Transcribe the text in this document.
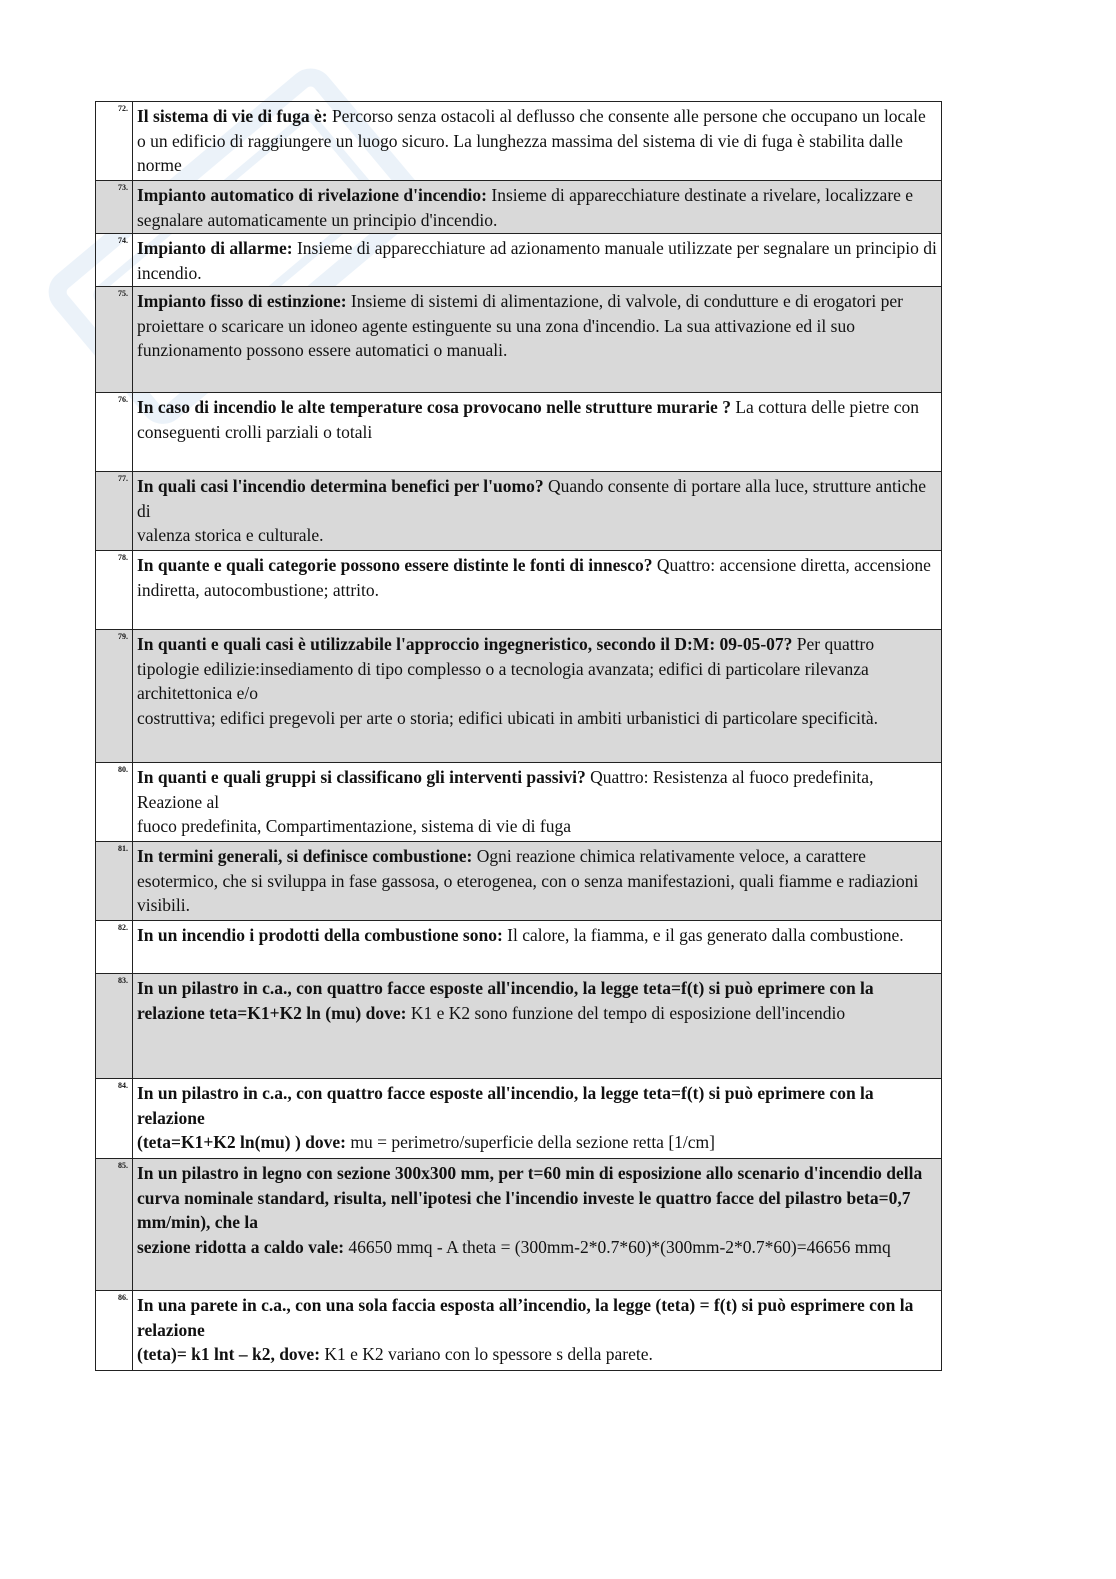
72.	Il sistema di vie di fuga è: Percorso senza ostacoli al deflusso che consente alle persone che occupano un locale o un edificio di raggiungere un luogo sicuro. La lunghezza massima del sistema di vie di fuga è stabilita dalle norme
73.	Impianto automatico di rivelazione d'incendio: Insieme di apparecchiature destinate a rivelare, localizzare e segnalare automaticamente un principio d'incendio.
74.	Impianto di allarme: Insieme di apparecchiature ad azionamento manuale utilizzate per segnalare un principio di incendio.
75.	Impianto fisso di estinzione: Insieme di sistemi di alimentazione, di valvole, di condutture e di erogatori per proiettare o scaricare un idoneo agente estinguente su una zona d'incendio. La sua attivazione ed il suo funzionamento possono essere automatici o manuali.
76.	In caso di incendio le alte temperature cosa provocano nelle strutture murarie ? La cottura delle pietre con
conseguenti crolli parziali o totali
77.	In quali casi l'incendio determina benefici per l'uomo? Quando consente di portare alla luce, strutture antiche di
valenza storica e culturale.
78.	In quante e quali categorie possono essere distinte le fonti di innesco? Quattro: accensione diretta, accensione
indiretta, autocombustione; attrito.
79.	In quanti e quali casi è utilizzabile l'approccio ingegneristico, secondo il D:M: 09-05-07? Per quattro tipologie edilizie:insediamento di tipo complesso o a tecnologia avanzata; edifici di particolare rilevanza architettonica e/o
costruttiva; edifici pregevoli per arte o storia; edifici ubicati in ambiti urbanistici di particolare specificità.
80.	In quanti e quali gruppi si classificano gli interventi passivi? Quattro: Resistenza al fuoco predefinita, Reazione al
fuoco predefinita, Compartimentazione, sistema di vie di fuga
81.	In termini generali, si definisce combustione: Ogni reazione chimica relativamente veloce, a carattere esotermico, che si sviluppa in fase gassosa, o eterogenea, con o senza manifestazioni, quali fiamme e radiazioni visibili.
82.	In un incendio i prodotti della combustione sono: Il calore, la fiamma, e il gas generato dalla combustione.
83.	In un pilastro in c.a., con quattro facce esposte all'incendio, la legge teta=f(t) si può eprimere con la
relazione teta=K1+K2 ln (mu) dove: K1 e K2 sono funzione del tempo di esposizione dell'incendio
84.	In un pilastro in c.a., con quattro facce esposte all'incendio, la legge teta=f(t) si può eprimere con la relazione
(teta=K1+K2 ln(mu) ) dove: mu = perimetro/superficie della sezione retta [1/cm]
85.	In un pilastro in legno con sezione 300x300 mm, per t=60 min di esposizione allo scenario d'incendio della curva nominale standard, risulta, nell'ipotesi che l'incendio investe le quattro facce del pilastro beta=0,7 mm/min), che la
sezione ridotta a caldo vale: 46650 mmq - A theta = (300mm-2*0.7*60)*(300mm-2*0.7*60)=46656 mmq
86.	In una parete in c.a., con una sola faccia esposta all’incendio, la legge (teta) = f(t) si può esprimere con la relazione
(teta)= k1 lnt – k2, dove: K1 e K2 variano con lo spessore s della parete.
